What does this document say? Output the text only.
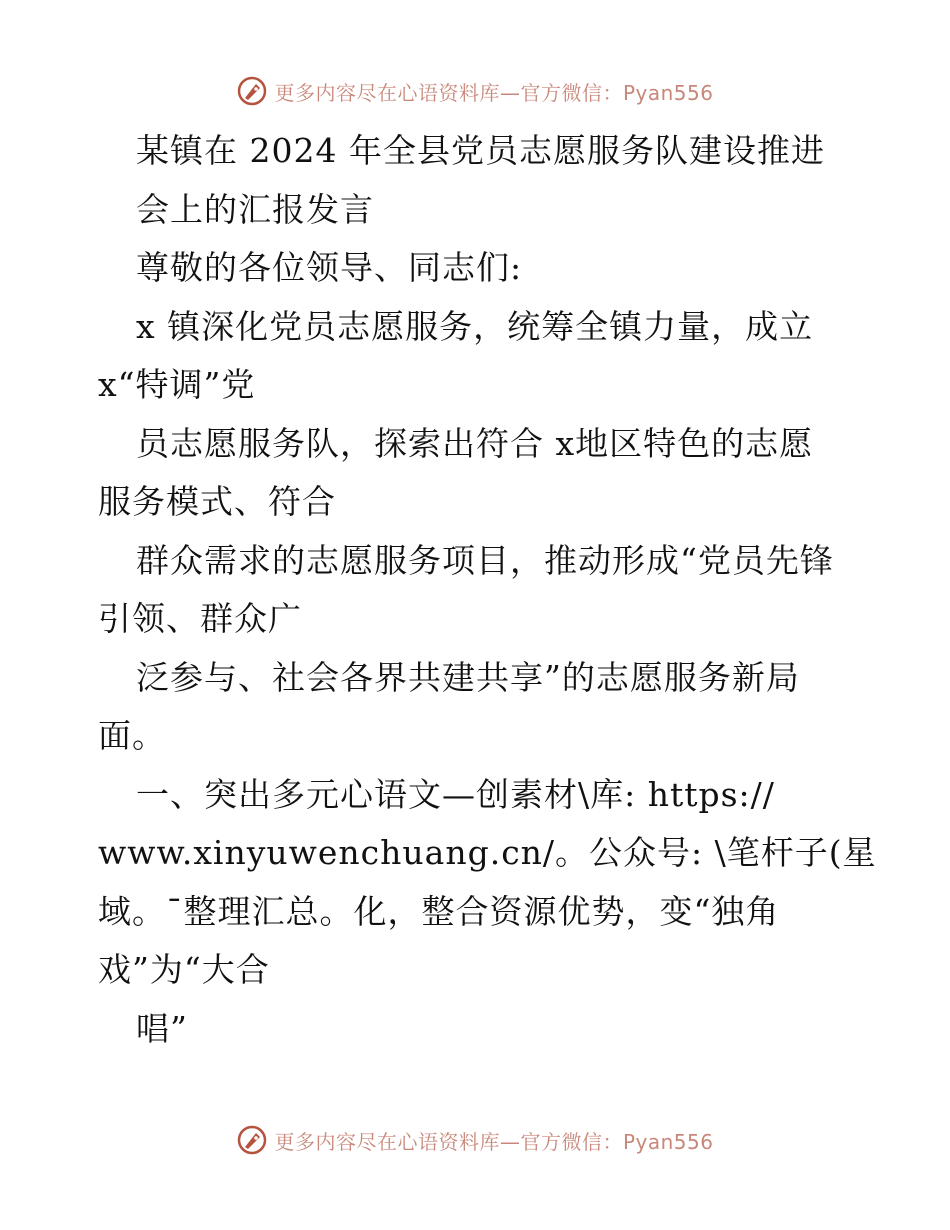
更多内容尽在心语资料库—官方微信：Pyan556
某镇在 2024 年全县党员志愿服务队建设推进
会上的汇报发言
尊敬的各位领导、同志们:
x 镇深化党员志愿服务，统筹全镇力量，成立
x“特调”党
员志愿服务队，探索出符合 x地区特色的志愿
服务模式、符合
群众需求的志愿服务项目，推动形成“党员先锋
引领、群众广
泛参与、社会各界共建共享”的志愿服务新局
面。
一、突出多元心语文—创素材\库: https://
www.xinyuwenchuang.cn/。公众号: \笔杆子(星
域。¯整理汇总。化，整合资源优势，变“独角
戏”为“大合
唱”
更多内容尽在心语资料库—官方微信：Pyan556
